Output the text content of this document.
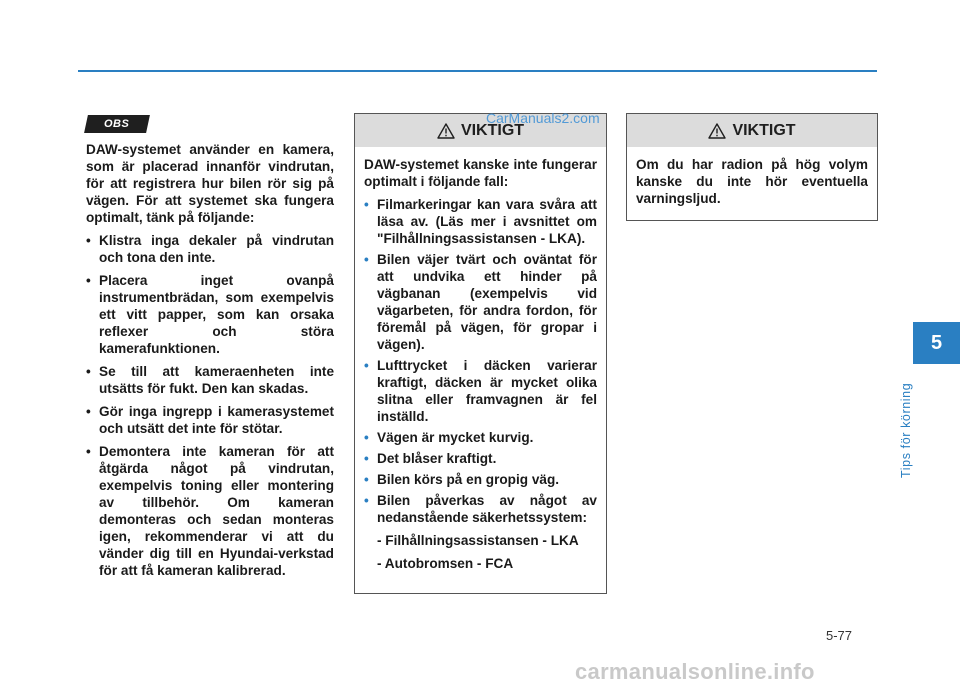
OBS

DAW-systemet använder en kamera, som är placerad innanför vindrutan, för att registrera hur bilen rör sig på vägen. För att systemet ska fungera optimalt, tänk på följande:

• Klistra inga dekaler på vindrutan och tona den inte.
• Placera inget ovanpå instrumentbrädan, som exempelvis ett vitt papper, som kan orsaka reflexer och störa kamerafunktionen.
• Se till att kameraenheten inte utsätts för fukt. Den kan skadas.
• Gör inga ingrepp i kamerasystemet och utsätt det inte för stötar.
• Demontera inte kameran för att åtgärda något på vindrutan, exempelvis toning eller montering av tillbehör. Om kameran demonteras och sedan monteras igen, rekommenderar vi att du vänder dig till en Hyundai-verkstad för att få kameran kalibrerad.
VIKTIGT

DAW-systemet kanske inte fungerar optimalt i följande fall:

• Filmarkeringar kan vara svåra att läsa av. (Läs mer i avsnittet om "Filhållningsassistansen - LKA).
• Bilen väjer tvärt och oväntat för att undvika ett hinder på vägbanan (exempelvis vid vägarbeten, för andra fordon, för föremål på vägen, för gropar i vägen).
• Lufttrycket i däcken varierar kraftigt, däcken är mycket olika slitna eller framvagnen är fel inställd.
• Vägen är mycket kurvig.
• Det blåser kraftigt.
• Bilen körs på en gropig väg.
• Bilen påverkas av något av nedanstående säkerhetssystem:

- Filhållningsassistansen - LKA

- Autobromsen - FCA

CarManuals2.com
VIKTIGT

Om du har radion på hög volym kanske du inte hör eventuella varningsljud.

5
Tips för körning
5-77
carmanualsonline.info
